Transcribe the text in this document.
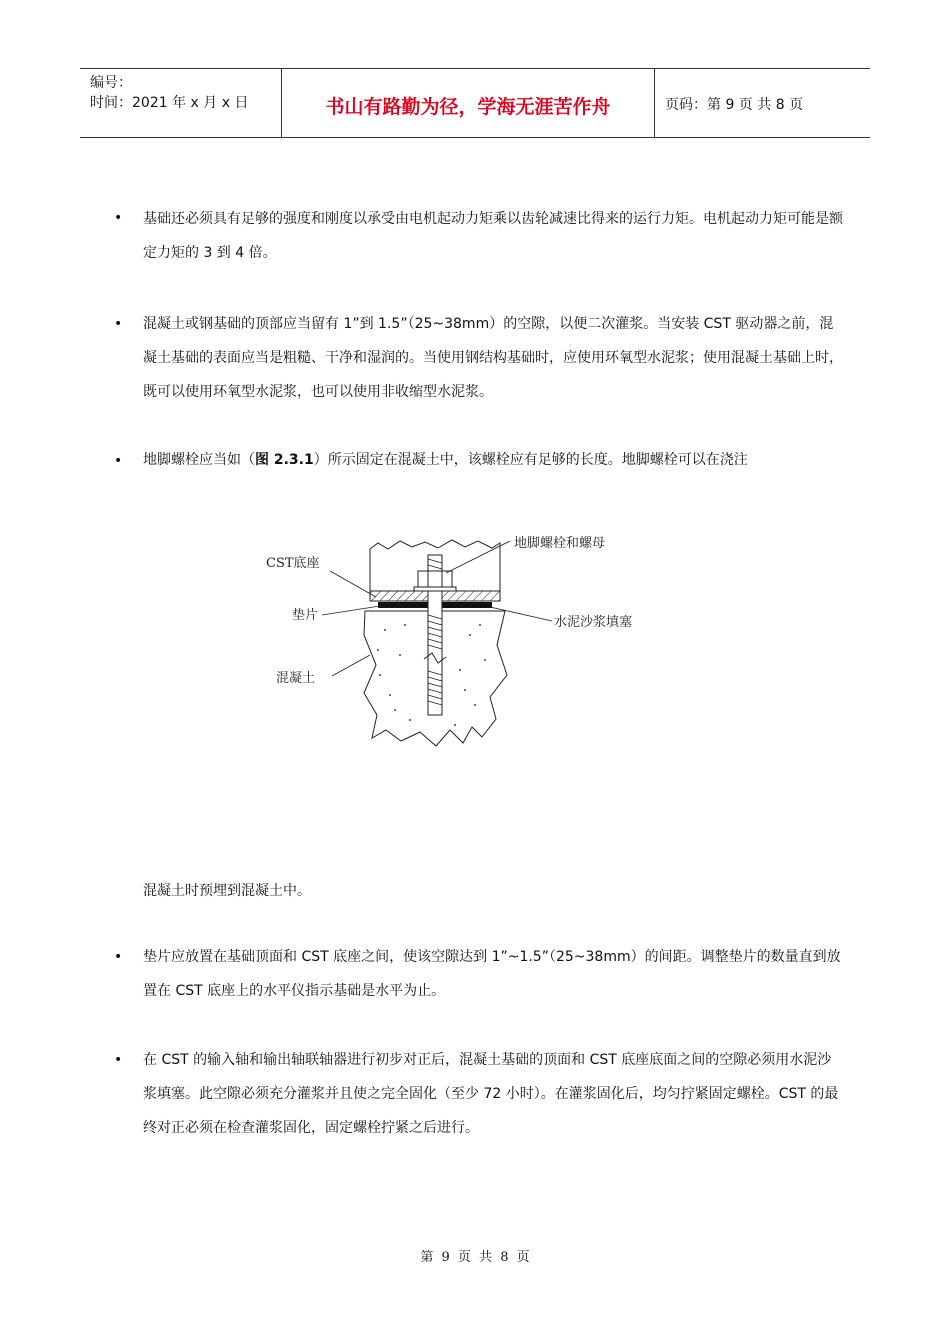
编号：
时间：2021 年 x 月 x 日	书山有路勤为径，学海无涯苦作舟	页码：第 9 页 共 8 页
• 基础还必须具有足够的强度和刚度以承受由电机起动力矩乘以齿轮减速比得来的运行力矩。电机起动力矩可能是额定力矩的 3 到 4 倍。
• 混凝土或钢基础的顶部应当留有 1”到 1.5”（25~38mm）的空隙，以便二次灌浆。当安装 CST 驱动器之前，混凝土基础的表面应当是粗糙、干净和湿润的。当使用钢结构基础时，应使用环氧型水泥浆；使用混凝土基础上时，既可以使用环氧型水泥浆，也可以使用非收缩型水泥浆。
• 地脚螺栓应当如（图 2.3.1）所示固定在混凝土中，该螺栓应有足够的长度。地脚螺栓可以在浇注
CST底座
垫片
混凝土
地脚螺栓和螺母
水泥沙浆填塞
混凝土时预埋到混凝土中。
• 垫片应放置在基础顶面和 CST 底座之间，使该空隙达到 1”~1.5”（25~38mm）的间距。调整垫片的数量直到放置在 CST 底座上的水平仪指示基础是水平为止。
• 在 CST 的输入轴和输出轴联轴器进行初步对正后，混凝土基础的顶面和 CST 底座底面之间的空隙必须用水泥沙浆填塞。此空隙必须充分灌浆并且使之完全固化（至少 72 小时）。在灌浆固化后，均匀拧紧固定螺栓。CST 的最终对正必须在检查灌浆固化，固定螺栓拧紧之后进行。
第 9 页 共 8 页
